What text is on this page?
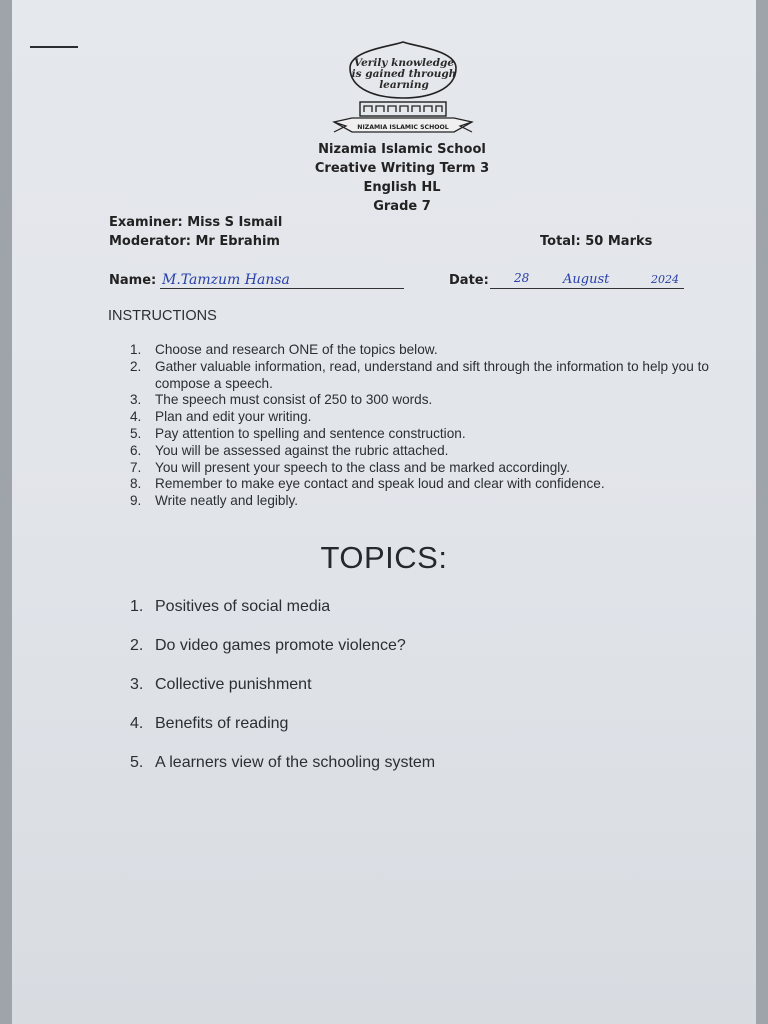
NIZAMIA ISLAMIC SCHOOL
Verily knowledge
is gained through
learning
Nizamia Islamic School
Creative Writing Term 3
English HL
Grade 7
Examiner: Miss S Ismail
Moderator: Mr Ebrahim	Total: 50 Marks
Name: M.Tamzum Hansa	Date: 28	August	2024
INSTRUCTIONS
1. Choose and research ONE of the topics below.
2. Gather valuable information, read, understand and sift through the information to help you to compose a speech.
3. The speech must consist of 250 to 300 words.
4. Plan and edit your writing.
5. Pay attention to spelling and sentence construction.
6. You will be assessed against the rubric attached.
7. You will present your speech to the class and be marked accordingly.
8. Remember to make eye contact and speak loud and clear with confidence.
9. Write neatly and legibly.
TOPICS:
1. Positives of social media
2. Do video games promote violence?
3. Collective punishment
4. Benefits of reading
5. A learners view of the schooling system
